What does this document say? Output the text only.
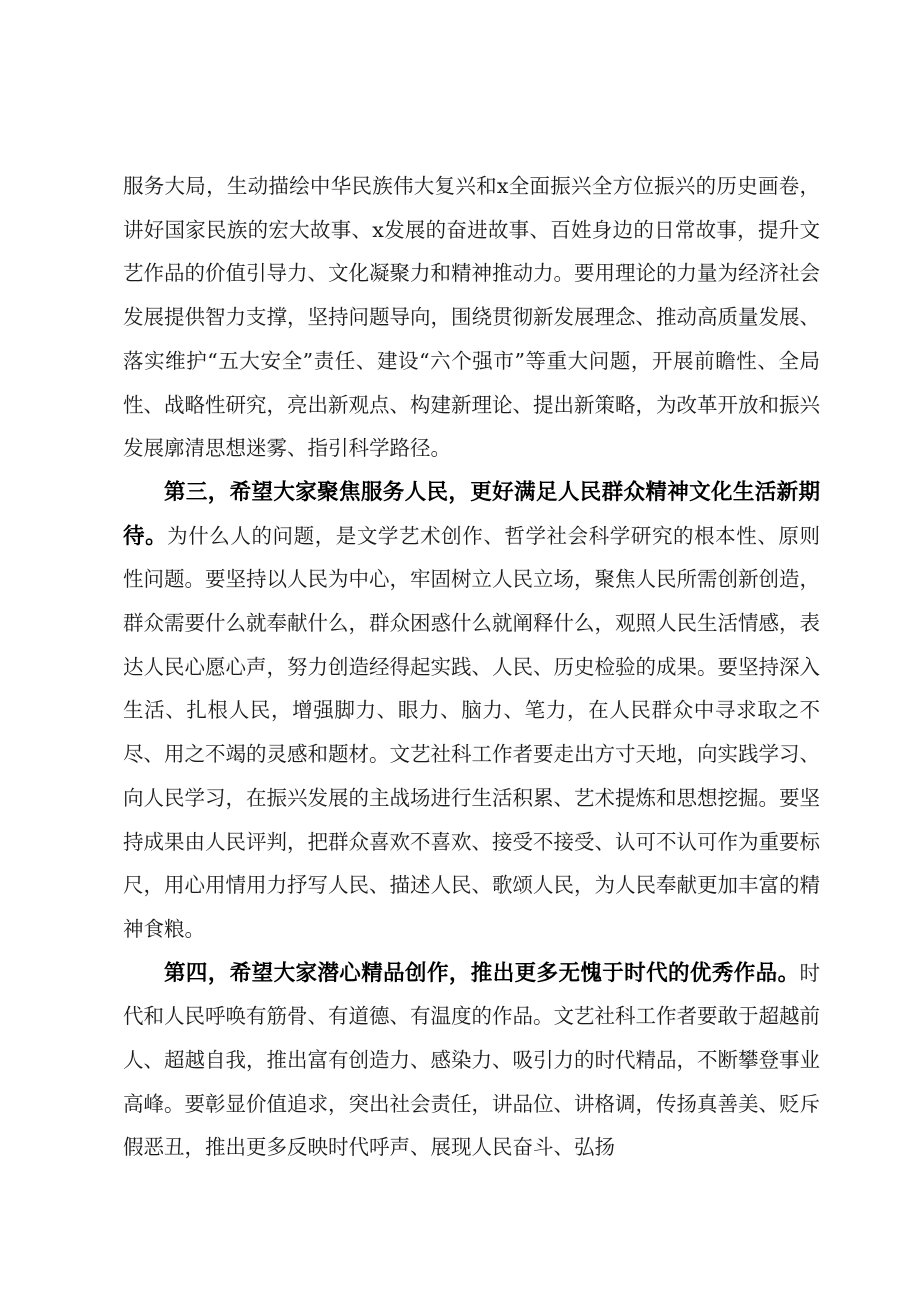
服务大局，生动描绘中华民族伟大复兴和x全面振兴全方位振兴的历史画卷，讲好国家民族的宏大故事、x发展的奋进故事、百姓身边的日常故事，提升文艺作品的价值引导力、文化凝聚力和精神推动力。要用理论的力量为经济社会发展提供智力支撑，坚持问题导向，围绕贯彻新发展理念、推动高质量发展、落实维护“五大安全”责任、建设“六个强市”等重大问题，开展前瞻性、全局性、战略性研究，亮出新观点、构建新理论、提出新策略，为改革开放和振兴发展廓清思想迷雾、指引科学路径。

第三，希望大家聚焦服务人民，更好满足人民群众精神文化生活新期待。为什么人的问题，是文学艺术创作、哲学社会科学研究的根本性、原则性问题。要坚持以人民为中心，牢固树立人民立场，聚焦人民所需创新创造，群众需要什么就奉献什么，群众困惑什么就阐释什么，观照人民生活情感，表达人民心愿心声，努力创造经得起实践、人民、历史检验的成果。要坚持深入生活、扎根人民，增强脚力、眼力、脑力、笔力，在人民群众中寻求取之不尽、用之不竭的灵感和题材。文艺社科工作者要走出方寸天地，向实践学习、向人民学习，在振兴发展的主战场进行生活积累、艺术提炼和思想挖掘。要坚持成果由人民评判，把群众喜欢不喜欢、接受不接受、认可不认可作为重要标尺，用心用情用力抒写人民、描述人民、歌颂人民，为人民奉献更加丰富的精神食粮。

第四，希望大家潜心精品创作，推出更多无愧于时代的优秀作品。时代和人民呼唤有筋骨、有道德、有温度的作品。文艺社科工作者要敢于超越前人、超越自我，推出富有创造力、感染力、吸引力的时代精品，不断攀登事业高峰。要彰显价值追求，突出社会责任，讲品位、讲格调，传扬真善美、贬斥假恶丑，推出更多反映时代呼声、展现人民奋斗、弘扬
